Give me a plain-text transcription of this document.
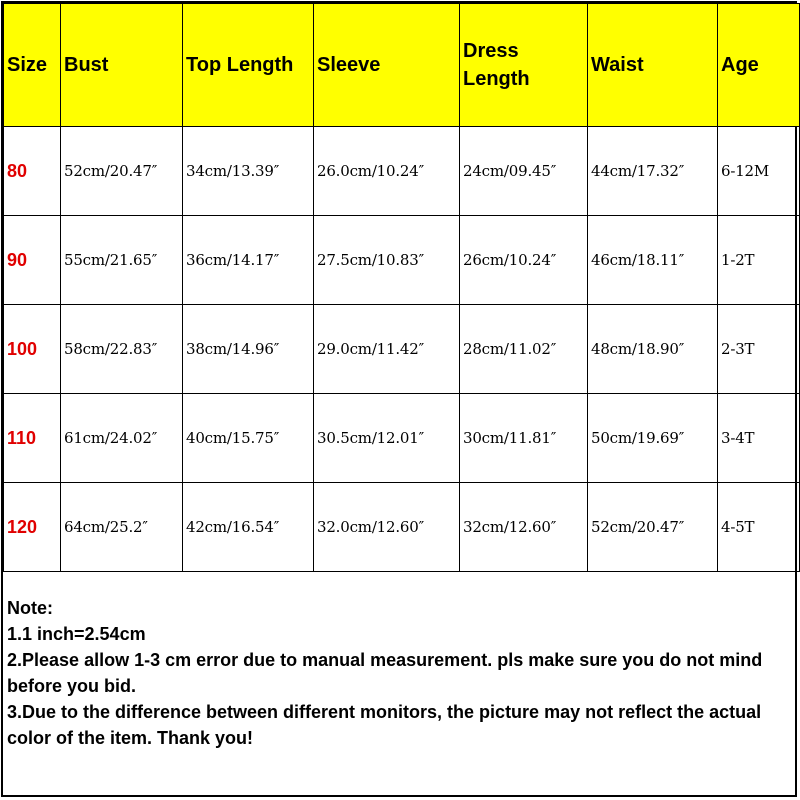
Size	Bust	Top Length	Sleeve	Dress Length	Waist	Age
80	52cm/20.47″	34cm/13.39″	26.0cm/10.24″	24cm/09.45″	44cm/17.32″	6-12M
90	55cm/21.65″	36cm/14.17″	27.5cm/10.83″	26cm/10.24″	46cm/18.11″	1-2T
100	58cm/22.83″	38cm/14.96″	29.0cm/11.42″	28cm/11.02″	48cm/18.90″	2-3T
110	61cm/24.02″	40cm/15.75″	30.5cm/12.01″	30cm/11.81″	50cm/19.69″	3-4T
120	64cm/25.2″	42cm/16.54″	32.0cm/12.60″	32cm/12.60″	52cm/20.47″	4-5T
Note:
1.1 inch=2.54cm
2.Please allow 1-3 cm error due to manual measurement. pls make sure you do not mind before you bid.
3.Due to the difference between different monitors, the picture may not reflect the actual color of the item. Thank you!
